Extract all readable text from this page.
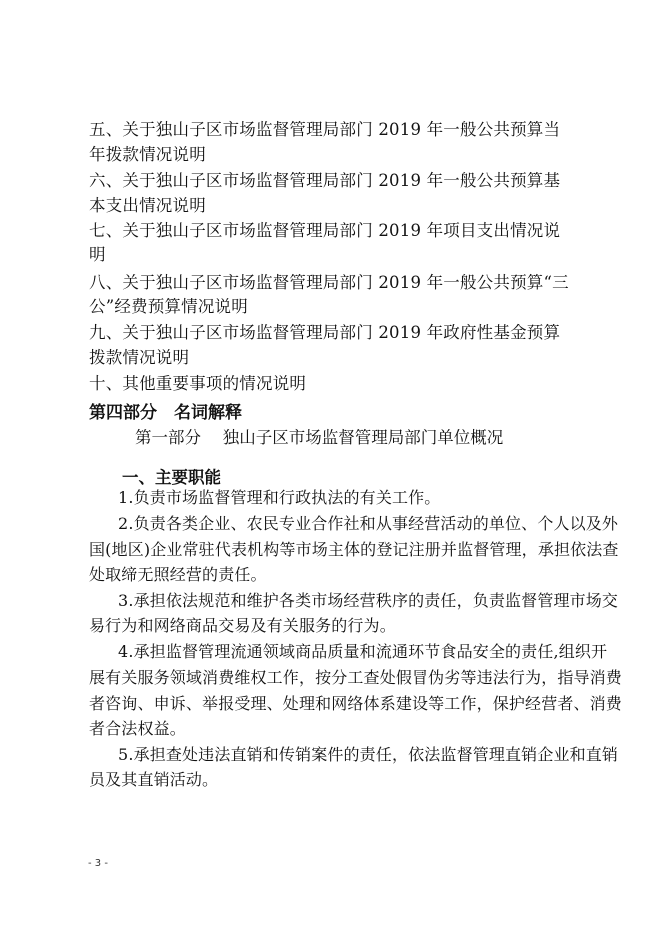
五、关于独山子区市场监督管理局部门 2019 年一般公共预算当
年拨款情况说明
六、关于独山子区市场监督管理局部门 2019 年一般公共预算基
本支出情况说明
七、关于独山子区市场监督管理局部门 2019 年项目支出情况说
明
八、关于独山子区市场监督管理局部门 2019 年一般公共预算“三
公”经费预算情况说明
九、关于独山子区市场监督管理局部门 2019 年政府性基金预算
拨款情况说明
十、其他重要事项的情况说明
第四部分　名词解释
第一部分　 独山子区市场监督管理局部门单位概况
一、主要职能
1.负责市场监督管理和行政执法的有关工作。
2.负责各类企业、农民专业合作社和从事经营活动的单位、个人以及外
国(地区)企业常驻代表机构等市场主体的登记注册并监督管理，承担依法查
处取缔无照经营的责任。
3.承担依法规范和维护各类市场经营秩序的责任，负责监督管理市场交
易行为和网络商品交易及有关服务的行为。
4.承担监督管理流通领域商品质量和流通环节食品安全的责任,组织开
展有关服务领域消费维权工作，按分工查处假冒伪劣等违法行为，指导消费
者咨询、申诉、举报受理、处理和网络体系建设等工作，保护经营者、消费
者合法权益。
5.承担查处违法直销和传销案件的责任，依法监督管理直销企业和直销
员及其直销活动。
- 3 -
